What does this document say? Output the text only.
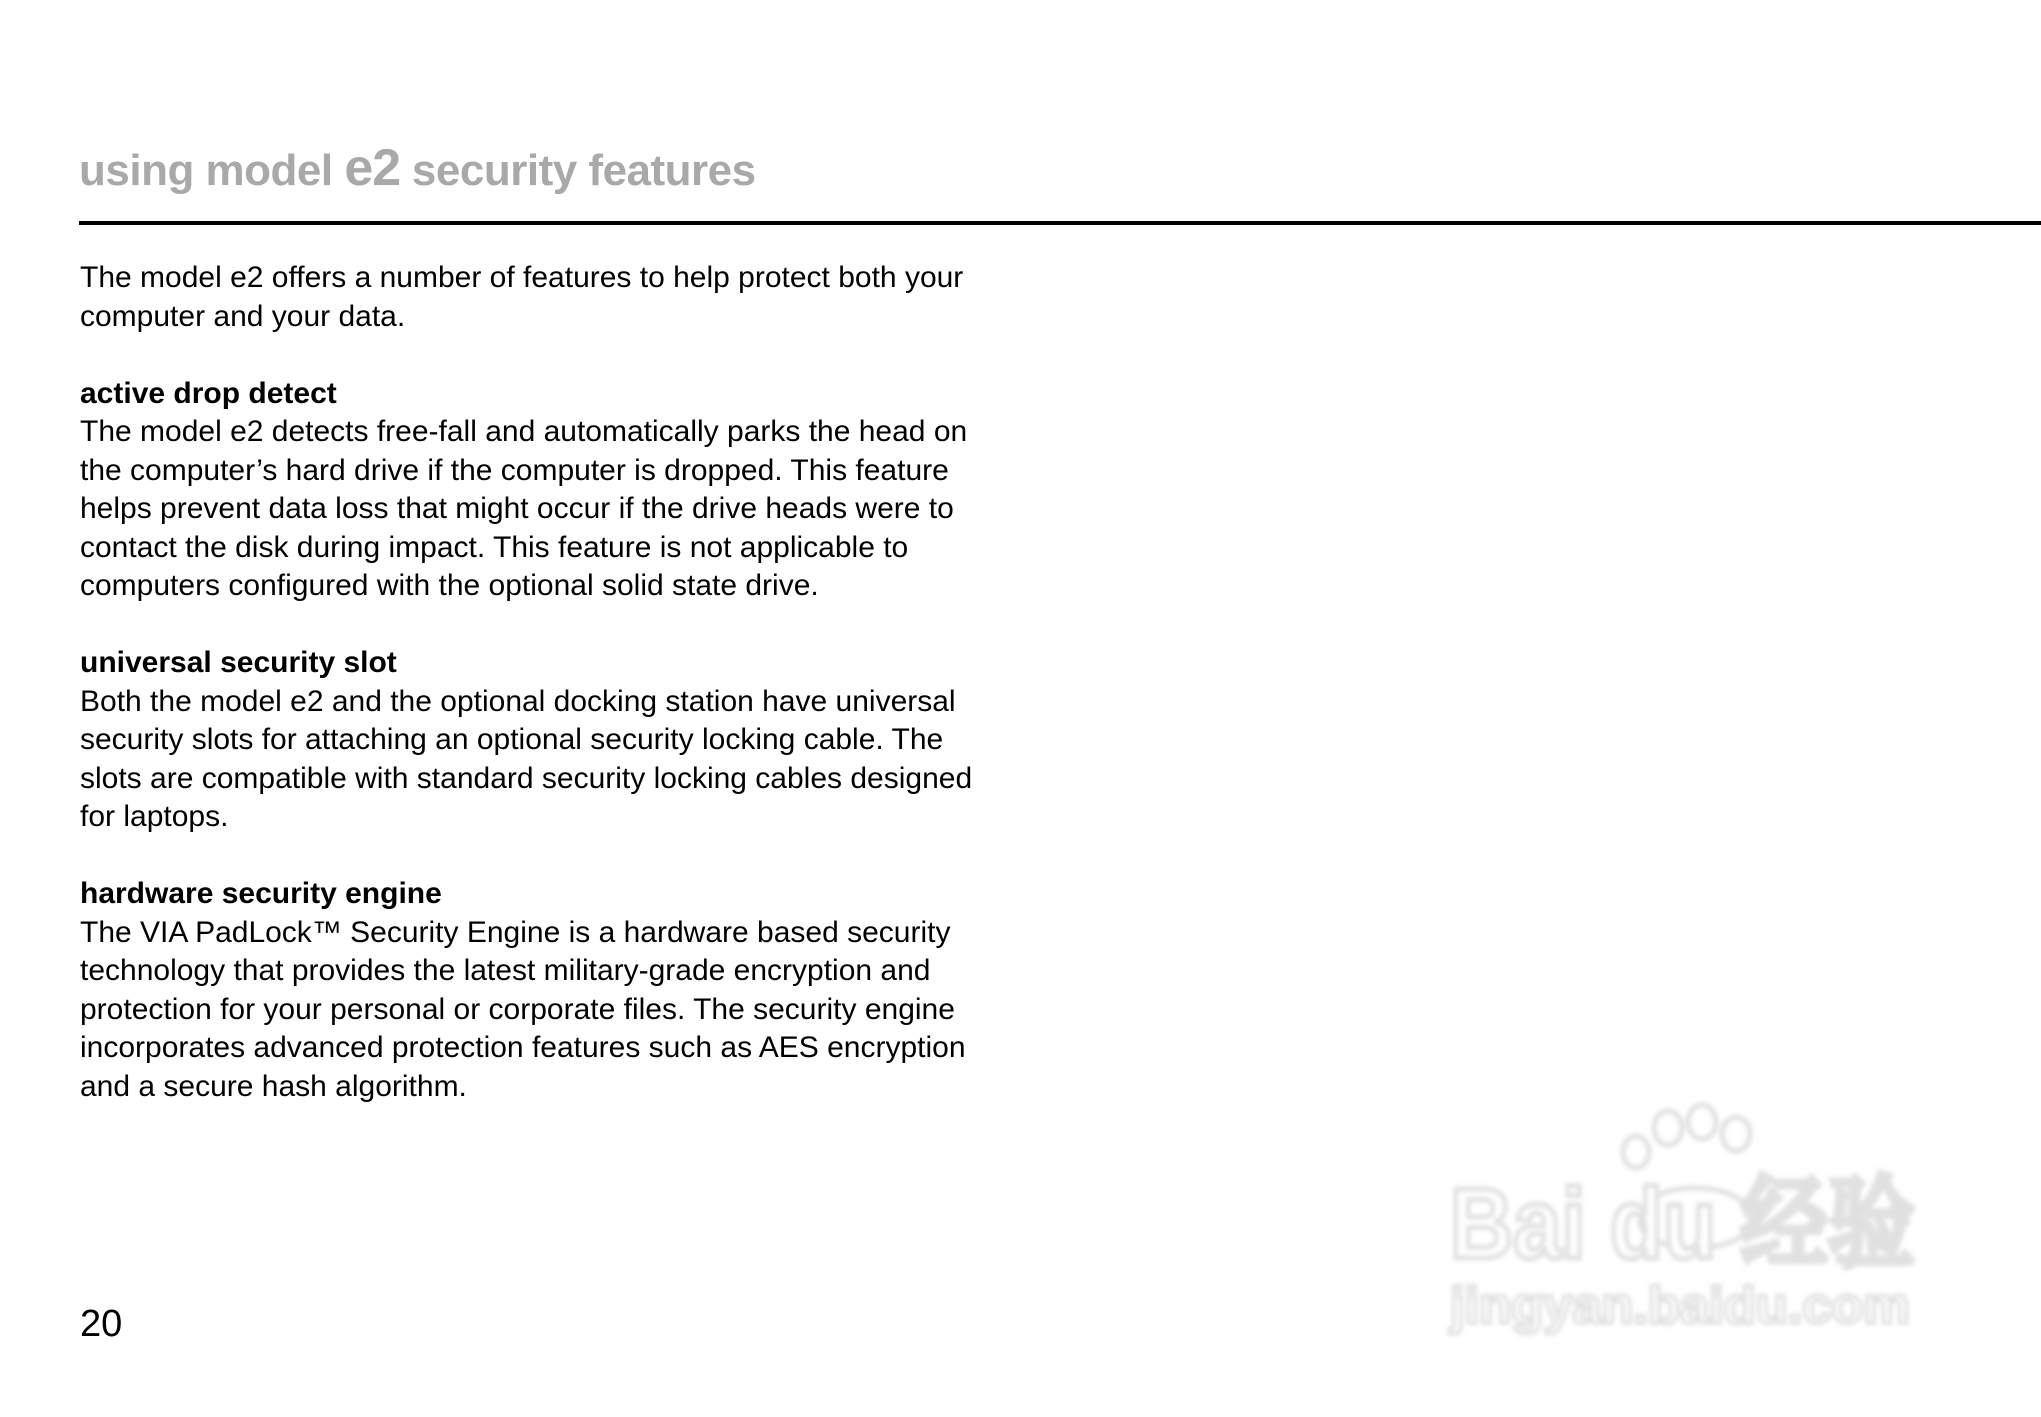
using model e2 security features

The model e2 offers a number of features to help protect both your computer and your data.

active drop detect

The model e2 detects free-fall and automatically parks the head on the computer’s hard drive if the computer is dropped. This feature helps prevent data loss that might occur if the drive heads were to contact the disk during impact. This feature is not applicable to computers configured with the optional solid state drive.

universal security slot

Both the model e2 and the optional docking station have universal security slots for attaching an optional security locking cable. The slots are compatible with standard security locking cables designed for laptops.

hardware security engine

The VIA PadLock™ Security Engine is a hardware based security technology that provides the latest military-grade encryption and protection for your personal or corporate files. The security engine incorporates advanced protection features such as AES encryption and a secure hash algorithm.

20
Bai du 经验
jingyan.baidu.com
